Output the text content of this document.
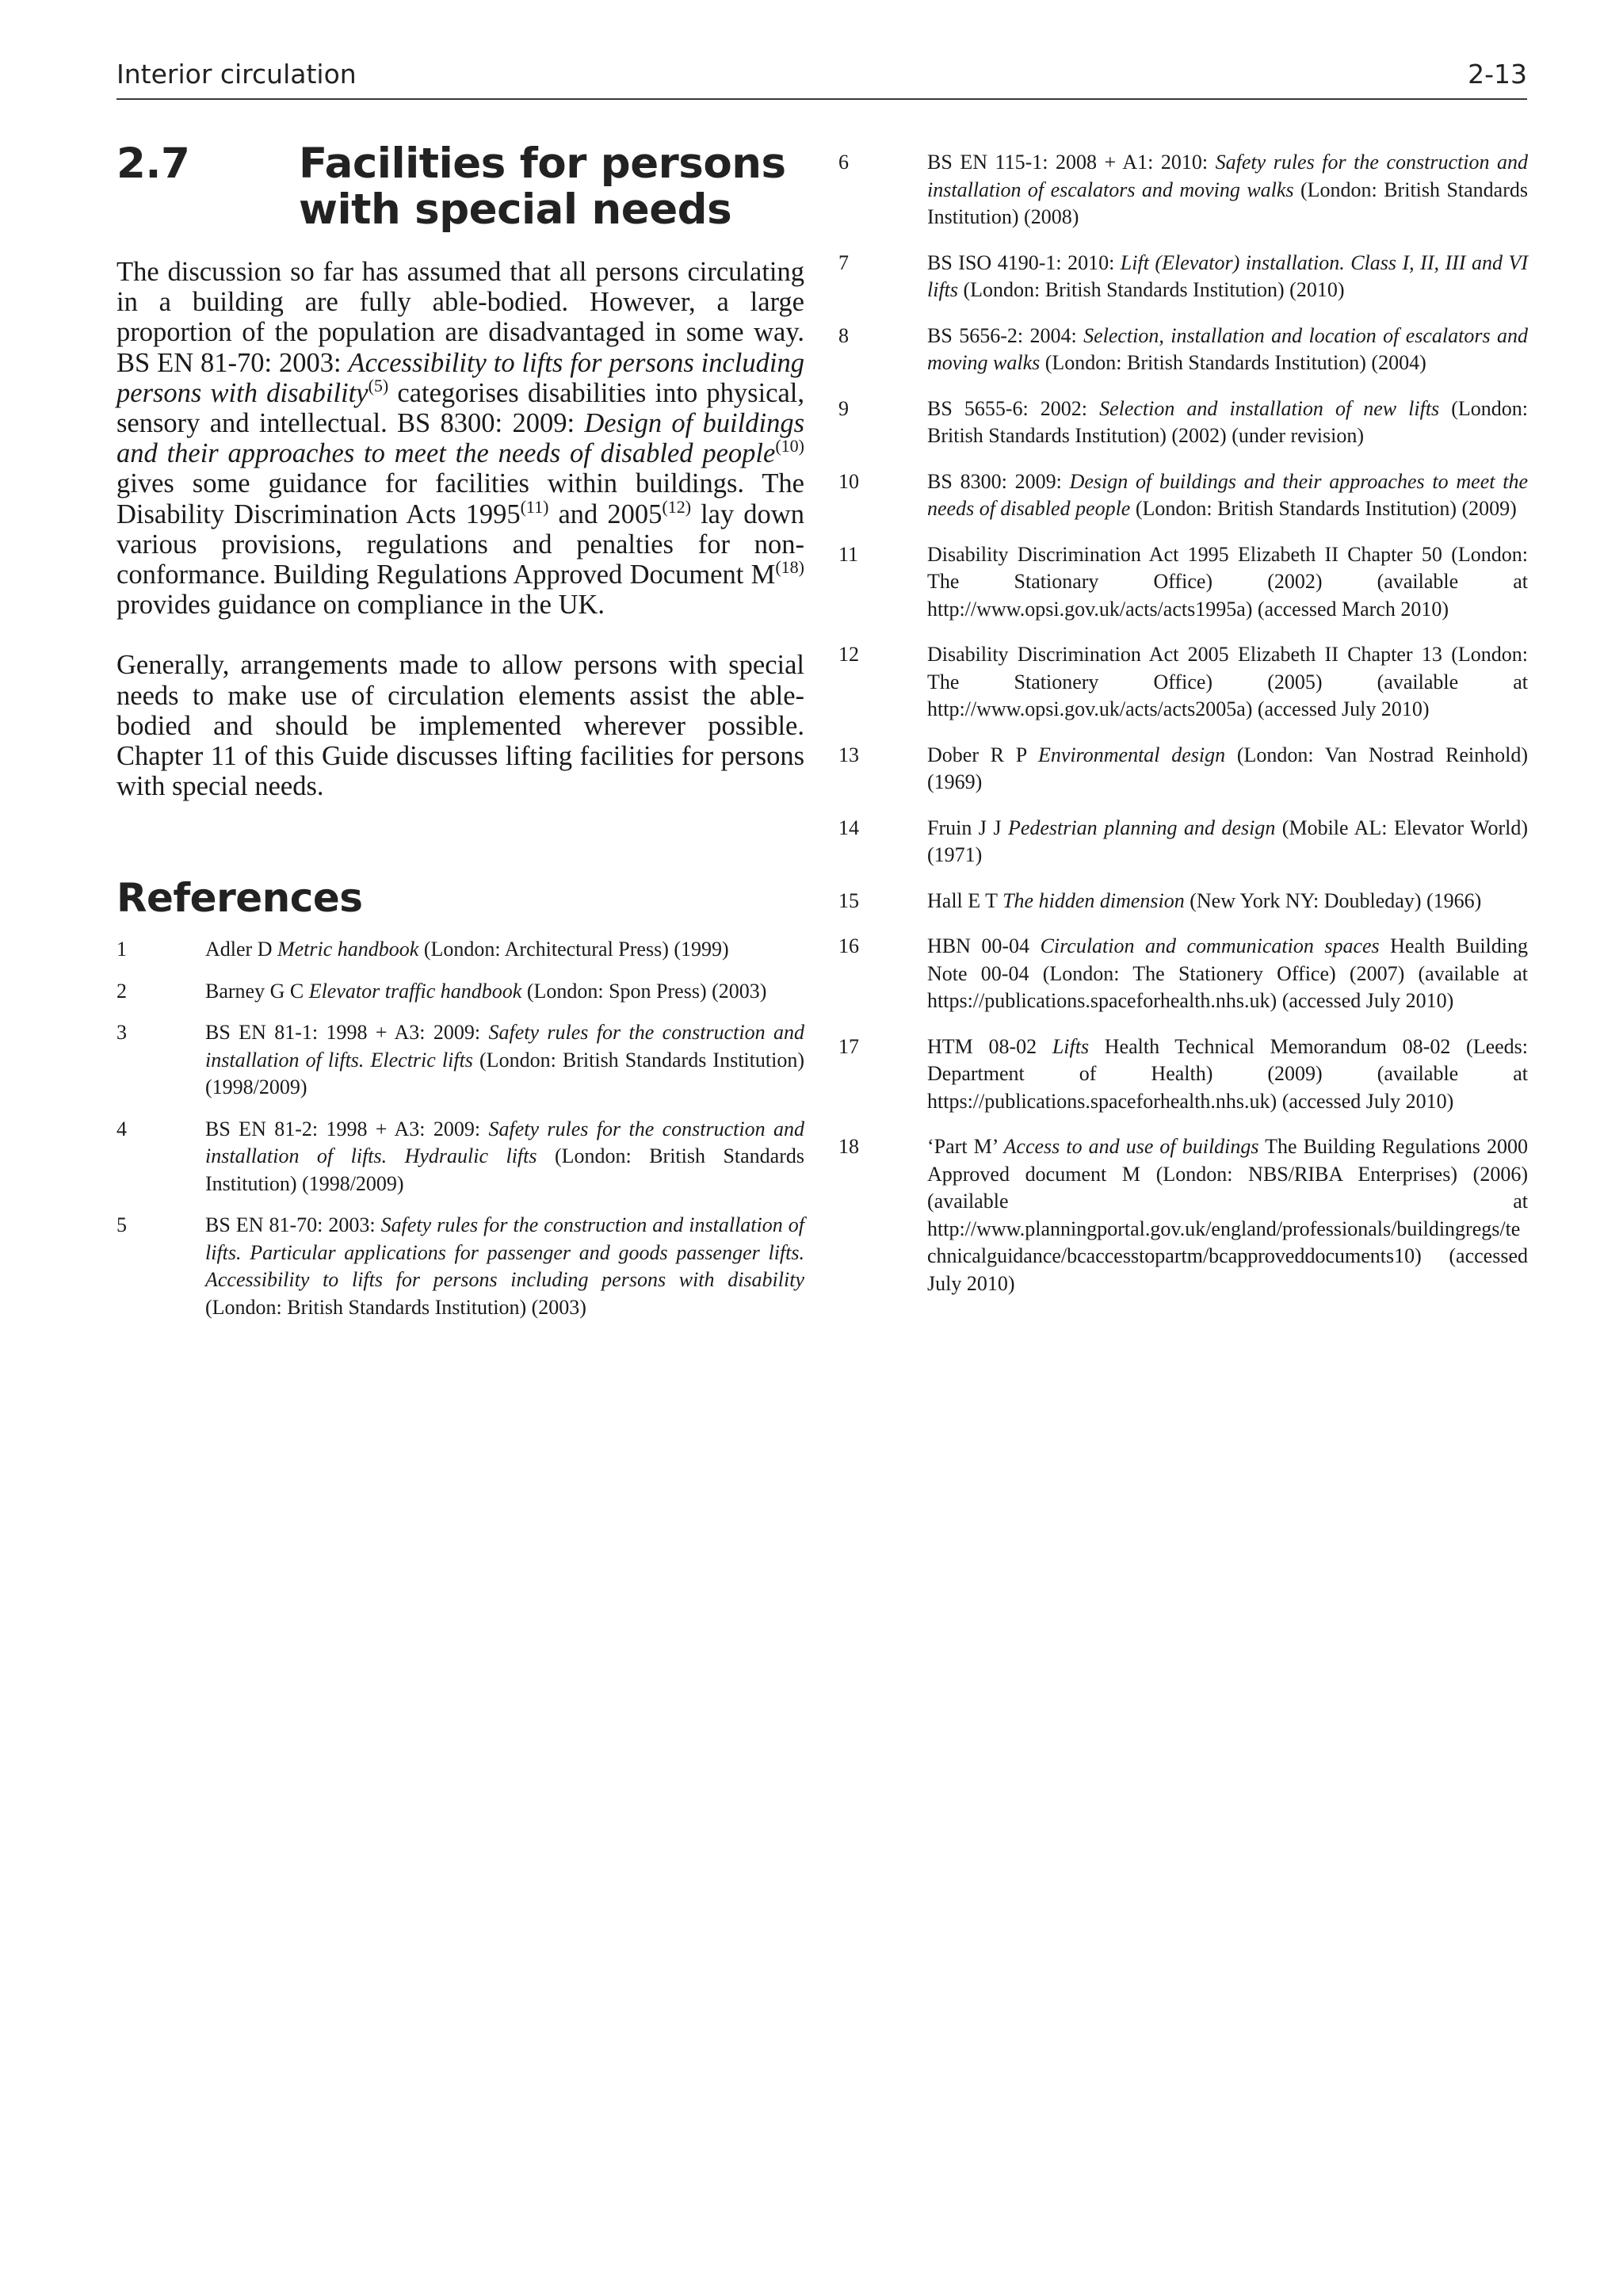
Interior circulation	2-13
2.7	Facilities for persons with special needs

The discussion so far has assumed that all persons circulating in a building are fully able-bodied. However, a large proportion of the population are disadvantaged in some way. BS EN 81-70: 2003: Accessibility to lifts for persons including persons with disability$^{(5)}$ categorises disabilities into physical, sensory and intellectual. BS 8300: 2009: Design of buildings and their approaches to meet the needs of disabled people$^{(10)}$ gives some guidance for facilities within buildings. The Disability Discrimination Acts 1995$^{(11)}$ and 2005$^{(12)}$ lay down various provisions, regulations and penalties for non-conformance. Building Regulations Approved Document $M^{(18)}$ provides guidance on compliance in the UK.

Generally, arrangements made to allow persons with special needs to make use of circulation elements assist the able-bodied and should be implemented wherever possible. Chapter 11 of this Guide discusses lifting facilities for persons with special needs.

References
1	Adler D Metric handbook (London: Architectural Press) (1999)
2	Barney G C Elevator traffic handbook (London: Spon Press) (2003)
3	BS EN 81-1: 1998 + A3: 2009: Safety rules for the construction and installation of lifts. Electric lifts (London: British Standards Institution) (1998/2009)
4	BS EN 81-2: 1998 + A3: 2009: Safety rules for the construction and installation of lifts. Hydraulic lifts (London: British Standards Institution) (1998/2009)
5	BS EN 81-70: 2003: Safety rules for the construction and installation of lifts. Particular applications for passenger and goods passenger lifts. Accessibility to lifts for persons including persons with disability (London: British Standards Institution) (2003)
6	BS EN 115-1: 2008 + A1: 2010: Safety rules for the construction and installation of escalators and moving walks (London: British Standards Institution) (2008)
7	BS ISO 4190-1: 2010: Lift (Elevator) installation. Class I, II, III and VI lifts (London: British Standards Institution) (2010)
8	BS 5656-2: 2004: Selection, installation and location of escalators and moving walks (London: British Standards Institution) (2004)
9	BS 5655-6: 2002: Selection and installation of new lifts (London: British Standards Institution) (2002) (under revision)
10	BS 8300: 2009: Design of buildings and their approaches to meet the needs of disabled people (London: British Standards Institution) (2009)
11	Disability Discrimination Act 1995 Elizabeth II Chapter 50 (London: The Stationary Office) (2002) (available at http://www.opsi.gov.uk/acts/acts1995a) (accessed March 2010)
12	Disability Discrimination Act 2005 Elizabeth II Chapter 13 (London: The Stationery Office) (2005) (available at http://www.opsi.gov.uk/acts/acts2005a) (accessed July 2010)
13	Dober R P Environmental design (London: Van Nostrad Reinhold) (1969)
14	Fruin J J Pedestrian planning and design (Mobile AL: Elevator World) (1971)
15	Hall E T The hidden dimension (New York NY: Doubleday) (1966)
16	HBN 00-04 Circulation and communication spaces Health Building Note 00-04 (London: The Stationery Office) (2007) (available at https://publications.spaceforhealth.nhs.uk) (accessed July 2010)
17	HTM 08-02 Lifts Health Technical Memorandum 08-02 (Leeds: Department of Health) (2009) (available at https://publications.spaceforhealth.nhs.uk) (accessed July 2010)
18	‘Part M’ Access to and use of buildings The Building Regulations 2000 Approved document M (London: NBS/RIBA Enterprises) (2006) (available at http://www.planningportal.gov.uk/england/professionals/buildingregs/technicalguidance/bcaccesstopartm/bcapproveddocuments10) (accessed July 2010)
